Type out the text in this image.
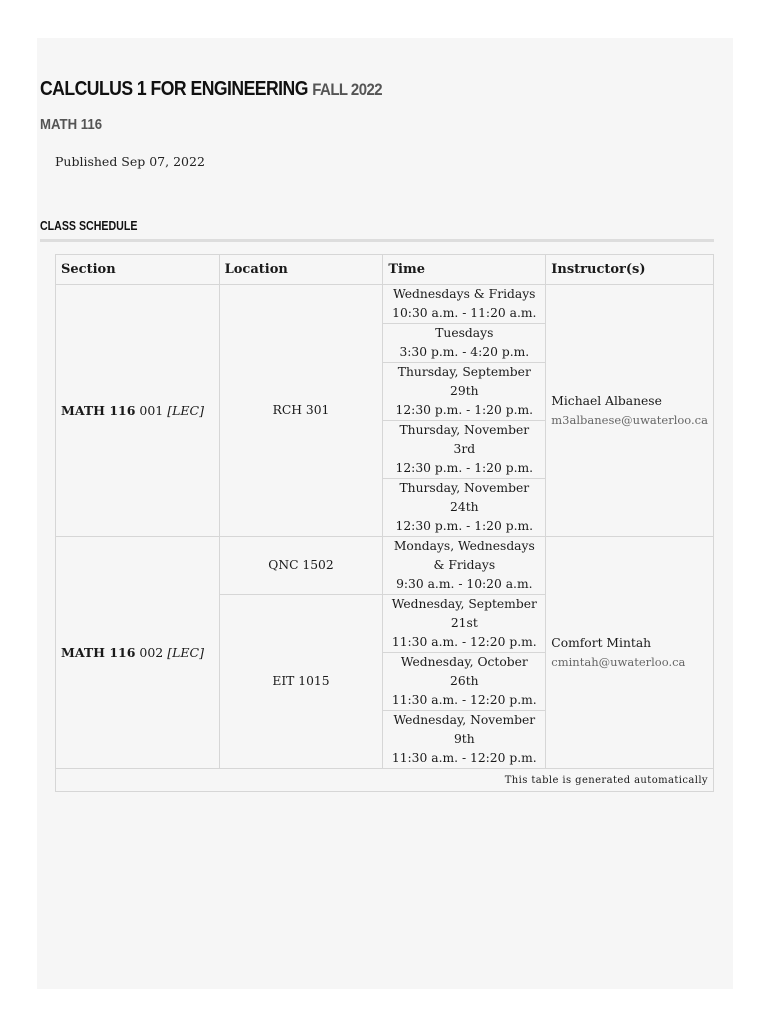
CALCULUS 1 FOR ENGINEERING FALL 2022
MATH 116
Published Sep 07, 2022
CLASS SCHEDULE
Section	Location	Time	Instructor(s)
MATH 116 001 [LEC]	RCH 301	Wednesdays & Fridays
10:30 a.m. - 11:20 a.m.	Michael Albanese
m3albanese@uwaterloo.ca

		Tuesdays
3:30 p.m. - 4:20 p.m.	
		Thursday, September 29th
12:30 p.m. - 1:20 p.m.	
		Thursday, November 3rd
12:30 p.m. - 1:20 p.m.	
		Thursday, November 24th
12:30 p.m. - 1:20 p.m.	
MATH 116 002 [LEC]	QNC 1502	Mondays, Wednesdays & Fridays
9:30 a.m. - 10:20 a.m.	Comfort Mintah
cmintah@uwaterloo.ca

	EIT 1015	Wednesday, September 21st
11:30 a.m. - 12:20 p.m.	
		Wednesday, October 26th
11:30 a.m. - 12:20 p.m.	
		Wednesday, November 9th
11:30 a.m. - 12:20 p.m.	
This table is generated automatically			
